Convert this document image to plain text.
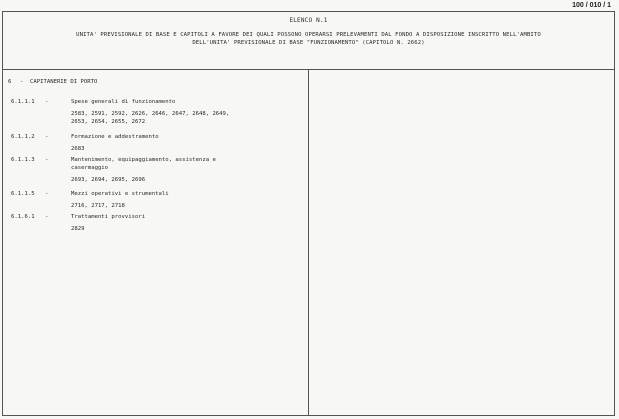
100 / 010 / 1
ELENCO N.1
UNITA' PREVISIONALE DI BASE E CAPITOLI A FAVORE DEI QUALI POSSONO OPERARSI PRELEVAMENTI DAL FONDO A DISPOSIZIONE INSCRITTO NELL'AMBITO
DELL'UNITA' PREVISIONALE DI BASE "FUNZIONAMENTO" (CAPITOLO N. 2662)
6 - CAPITANERIE DI PORTO
6.1.1.1 -	Spese generali di funzionamento
2583, 2591, 2592, 2626, 2646, 2647, 2648, 2649,
2653, 2654, 2655, 2672
6.1.1.2 -	Formazione e addestramento
2683
6.1.1.3 -	Mantenimento, equipaggiamento, assistenza e
casermaggio
2693, 2694, 2695, 2696
6.1.1.5 -	Mezzi operativi e strumentali
2716, 2717, 2718
6.1.6.1 -	Trattamenti provvisori
2829
